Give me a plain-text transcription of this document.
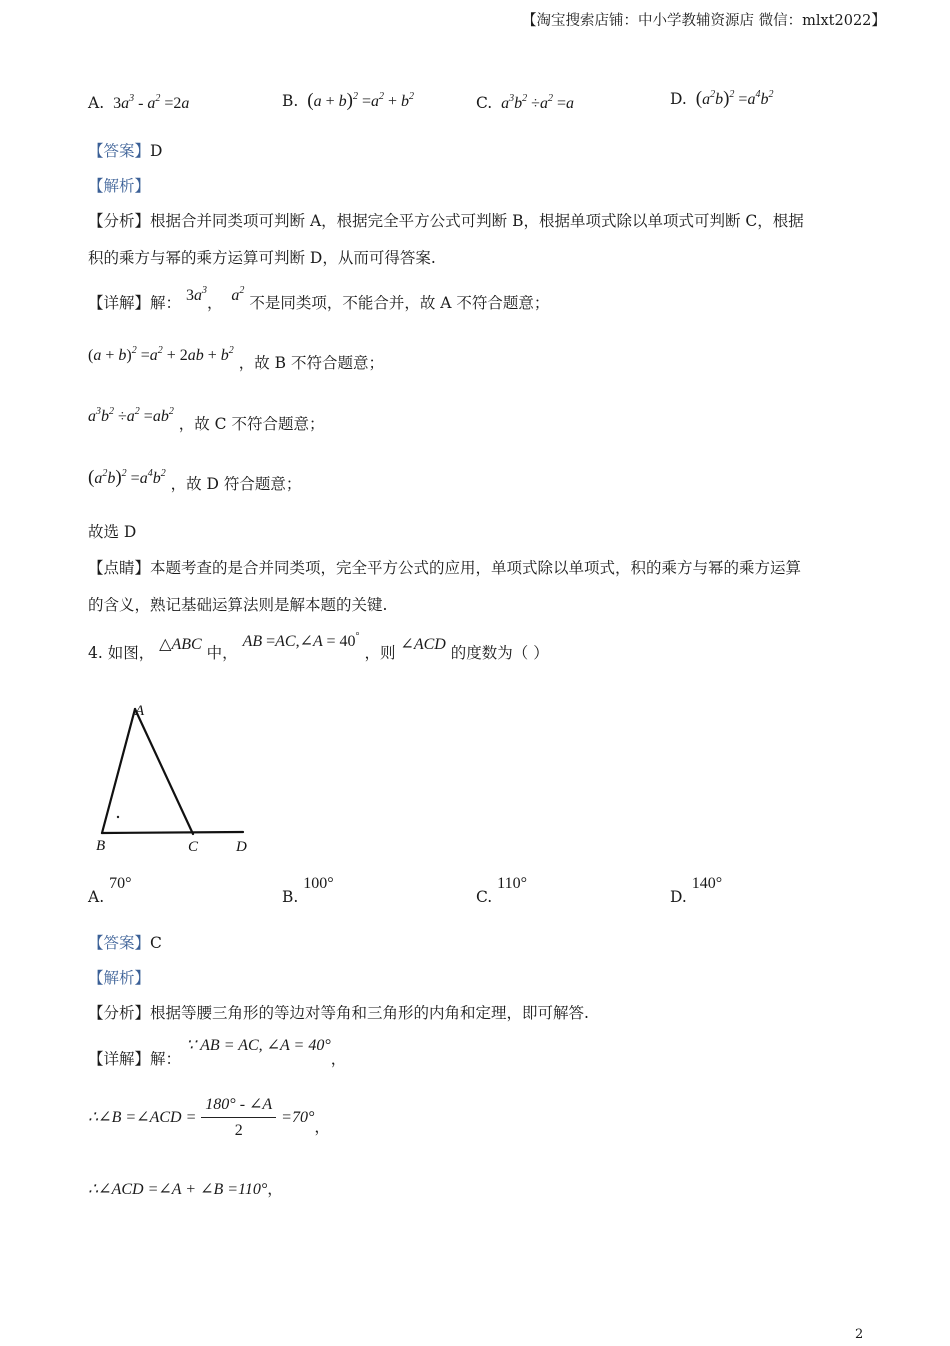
【淘宝搜索店铺：中小学教辅资源店 微信：mlxt2022】
A. $3a^3 - a^2 =2a$	B. $(a + b)^2 =a^2 + b^2$	C. $a^3b^2 \div a^2 =a$	D. $(a^2b)^2 =a^4b^2$
【答案】D
【解析】
【分析】根据合并同类项可判断 A，根据完全平方公式可判断 B，根据单项式除以单项式可判断 C，根据
积的乘方与幂的乘方运算可判断 D，从而可得答案.
【详解】解： $3a^3$， $a^2$ 不是同类项，不能合并，故 A 不符合题意；
$(a + b)^2 =a^2 + 2ab + b^2$ ，故 B 不符合题意；
$a^3b^2 \div a^2 =ab^2$ ，故 C 不符合题意；
$(a^2b)^2 =a^4b^2$ ，故 D 符合题意；
故选 D
【点睛】本题考查的是合并同类项，完全平方公式的应用，单项式除以单项式，积的乘方与幂的乘方运算
的含义，熟记基础运算法则是解本题的关键.
4. 如图， △ABC 中， AB =AC,∠A = 40° ，则 ∠ACD 的度数为（ ）
A
B	C	D
A. 70°
B. 100°
C. 110°
D. 140°
【答案】C
【解析】
【分析】根据等腰三角形的等边对等角和三角形的内角和定理，即可解答.
【详解】解： ∵ AB = AC, ∠A = 40°，
∴∠B =∠ACD = $\frac{180^\circ - \angle A}{2} =70^\circ$，
∴∠ACD =∠A + ∠B =110°，
2
